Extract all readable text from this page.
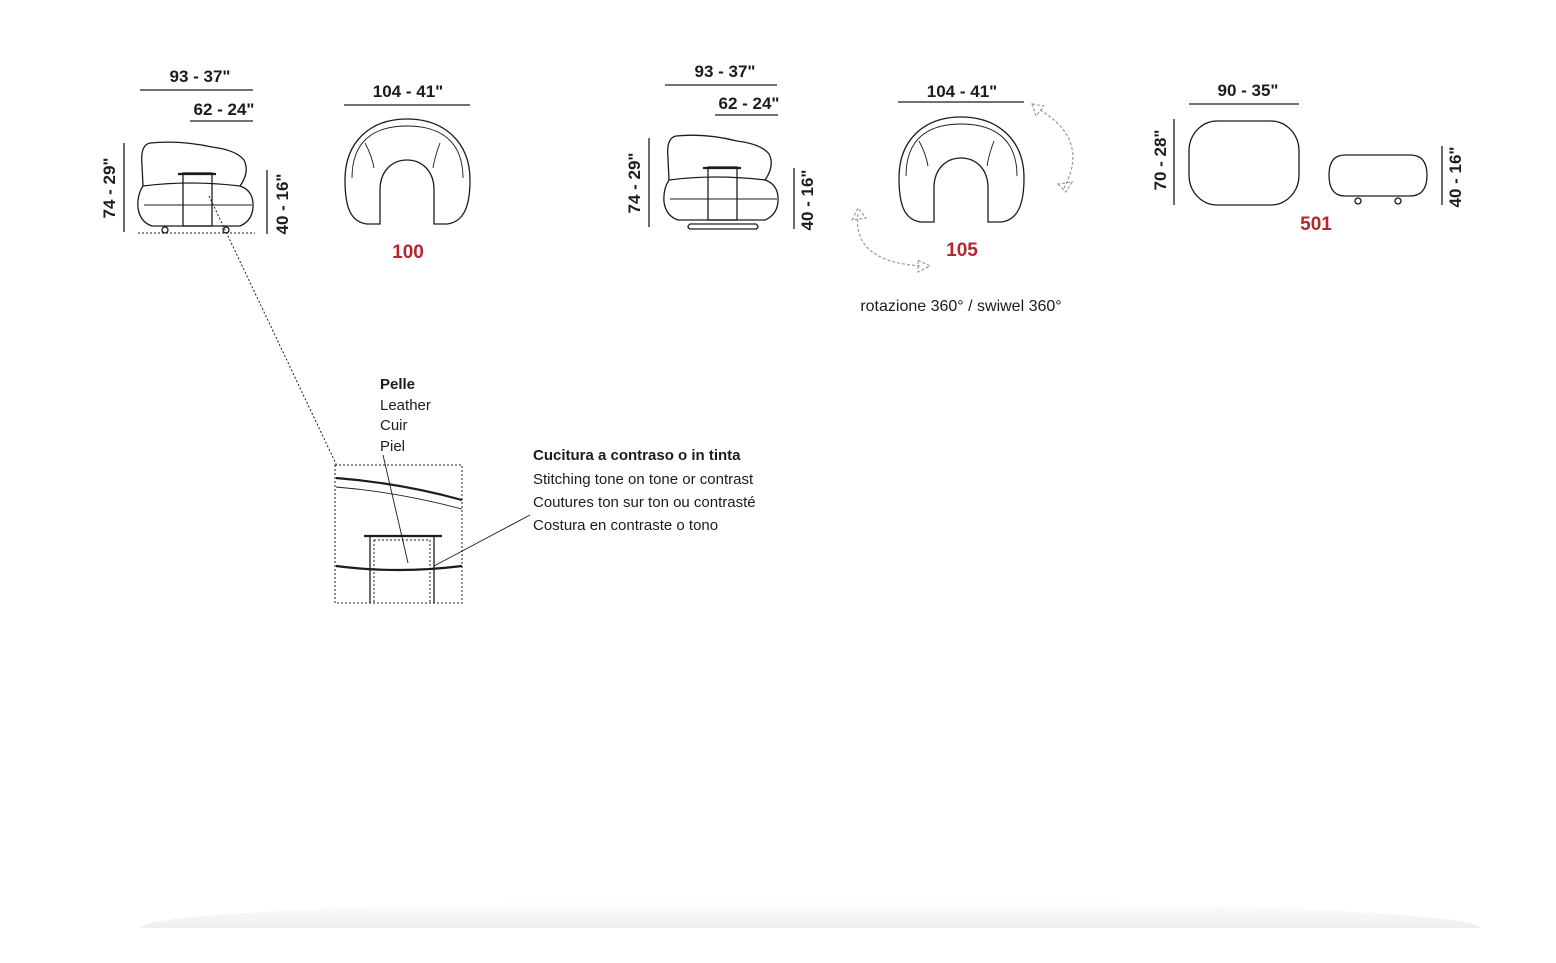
93 - 37"
62 - 24"
74 - 29"	40 - 16"
104 - 41"
100
93 - 37"
62 - 24"
74 - 29"	40 - 16"
104 - 41"
105
rotazione 360° / swiwel 360°
90 - 35"
70 - 28"	40 - 16"
501
Pelle
Leather
Cuir
Piel
Cucitura a contraso o in tinta
Stitching tone on tone or contrast
Coutures ton sur ton ou contrasté
Costura en contraste o tono
